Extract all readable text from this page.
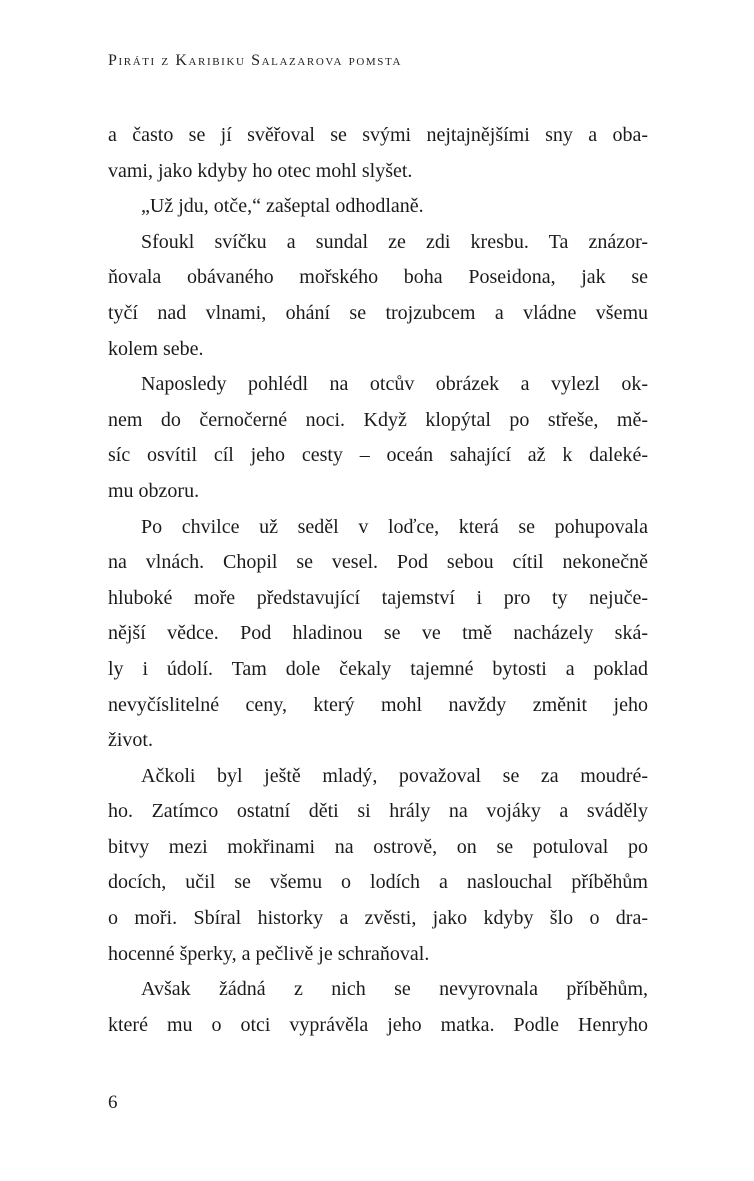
Piráti z Karibiku Salazarova pomsta

a často se jí svěřoval se svými nejtajnějšími sny a oba-
vami, jako kdyby ho otec mohl slyšet.

„Už jdu, otče,“ zašeptal odhodlaně.

Sfoukl svíčku a sundal ze zdi kresbu. Ta znázor-
ňovala obávaného mořského boha Poseidona, jak se
tyčí nad vlnami, ohání se trojzubcem a vládne všemu
kolem sebe.

Naposledy pohlédl na otcův obrázek a vylezl ok-
nem do černočerné noci. Když klopýtal po střeše, mě-
síc osvítil cíl jeho cesty – oceán sahající až k daleké-
mu obzoru.

Po chvilce už seděl v loďce, která se pohupovala
na vlnách. Chopil se vesel. Pod sebou cítil nekonečně
hluboké moře představující tajemství i pro ty nejuče-
nější vědce. Pod hladinou se ve tmě nacházely ská-
ly i údolí. Tam dole čekaly tajemné bytosti a poklad
nevyčíslitelné ceny, který mohl navždy změnit jeho
život.

Ačkoli byl ještě mladý, považoval se za moudré-
ho. Zatímco ostatní děti si hrály na vojáky a sváděly
bitvy mezi mokřinami na ostrově, on se potuloval po
docích, učil se všemu o lodích a naslouchal příběhům
o moři. Sbíral historky a zvěsti, jako kdyby šlo o dra-
hocenné šperky, a pečlivě je schraňoval.

Avšak žádná z nich se nevyrovnala příběhům,
které mu o otci vyprávěla jeho matka. Podle Henryho

6
